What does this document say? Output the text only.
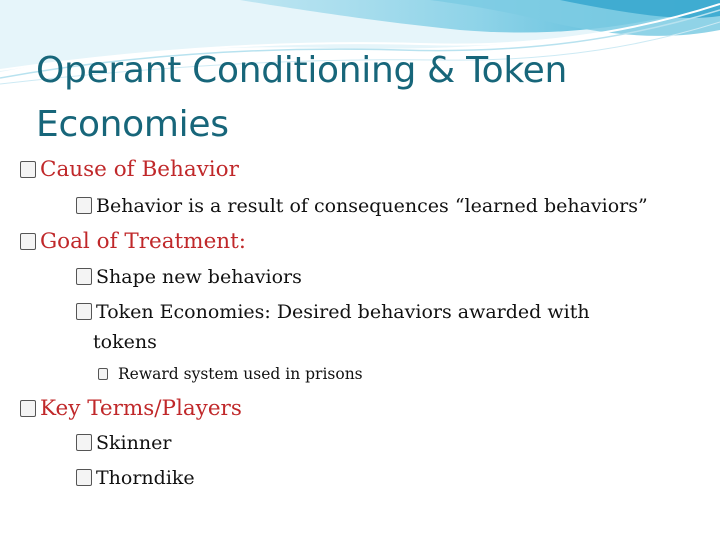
Operant Conditioning & Token Economies

Cause of Behavior

Behavior is a result of consequences “learned behaviors”

Goal of Treatment:

Shape new behaviors

Token Economies: Desired behaviors awarded with

tokens

Reward system used in prisons

Key Terms/Players

Skinner

Thorndike
